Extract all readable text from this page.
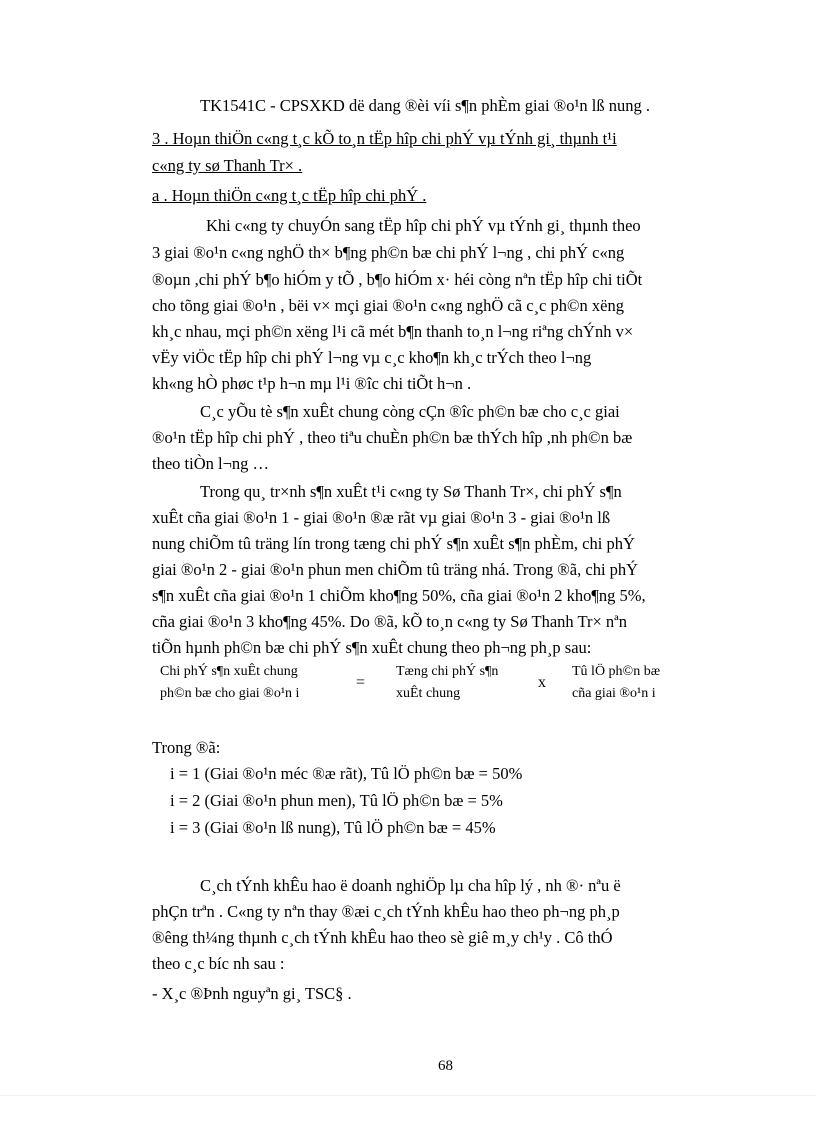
TK1541C - CPSXKD dë dang ®èi víi s¶n phÈm giai ®o¹n lß nung .
3 . Hoµn thiÖn c«ng t¸c kÕ to¸n tËp hîp chi phÝ vµ tÝnh gi¸ thµnh t¹i
c«ng ty sø Thanh Tr× .
a . Hoµn thiÖn c«ng t¸c tËp hîp chi phÝ .
Khi c«ng ty chuyÓn sang tËp hîp chi phÝ vµ tÝnh gi¸ thµnh theo
3 giai ®o¹n c«ng nghÖ th× b¶ng ph©n bæ chi phÝ l¬ng , chi phÝ c«ng
®oµn ,chi phÝ b¶o hiÓm y tÕ , b¶o hiÓm x· héi còng nªn tËp hîp chi tiÕt
cho tõng giai ®o¹n , bëi v× mçi giai ®o¹n c«ng nghÖ cã c¸c ph©n xëng
kh¸c nhau, mçi ph©n xëng l¹i cã mét b¶n thanh to¸n l¬ng riªng chÝnh v×
vËy viÖc tËp hîp chi phÝ l¬ng vµ c¸c kho¶n kh¸c trÝch theo l¬ng
kh«ng hÒ phøc t¹p h¬n mµ l¹i ®îc chi tiÕt h¬n .
C¸c yÕu tè s¶n xuÊt chung còng cÇn ®îc ph©n bæ cho c¸c giai
®o¹n tËp hîp chi phÝ , theo tiªu chuÈn ph©n bæ thÝch hîp ,nh ph©n bæ
theo tiÒn l¬ng …
Trong qu¸ tr×nh s¶n xuÊt t¹i c«ng ty Sø Thanh Tr×, chi phÝ s¶n
xuÊt cña giai ®o¹n 1 - giai ®o¹n ®æ rãt vµ giai ®o¹n 3 - giai ®o¹n lß
nung chiÕm tû träng lín trong tæng chi phÝ s¶n xuÊt s¶n phÈm, chi phÝ
giai ®o¹n 2 - giai ®o¹n phun men chiÕm tû träng nhá. Trong ®ã, chi phÝ
s¶n xuÊt cña giai ®o¹n 1 chiÕm kho¶ng 50%, cña giai ®o¹n 2 kho¶ng 5%,
cña giai ®o¹n 3 kho¶ng 45%. Do ®ã, kÕ to¸n c«ng ty Sø Thanh Tr× nªn
tiÕn hµnh ph©n bæ chi phÝ s¶n xuÊt chung theo ph¬ng ph¸p sau:
Chi phÝ s¶n xuÊt chung
ph©n bæ cho giai ®o¹n i
=
Tæng chi phÝ s¶n
xuÊt chung
x
Tû lÖ ph©n bæ
cña giai ®o¹n i
Trong ®ã:
i = 1 (Giai ®o¹n méc ®æ rãt), Tû lÖ ph©n bæ = 50%
i = 2 (Giai ®o¹n phun men), Tû lÖ ph©n bæ = 5%
i = 3 (Giai ®o¹n lß nung), Tû lÖ ph©n bæ = 45%
C¸ch tÝnh khÊu hao ë doanh nghiÖp lµ cha hîp lý , nh ®· nªu ë
phÇn trªn . C«ng ty nªn thay ®æi c¸ch tÝnh khÊu hao theo ph¬ng ph¸p
®êng th¼ng thµnh c¸ch tÝnh khÊu hao theo sè giê m¸y ch¹y . Cô thÓ
theo c¸c bíc nh sau :
- X¸c ®Þnh nguyªn gi¸ TSC§ .
68
